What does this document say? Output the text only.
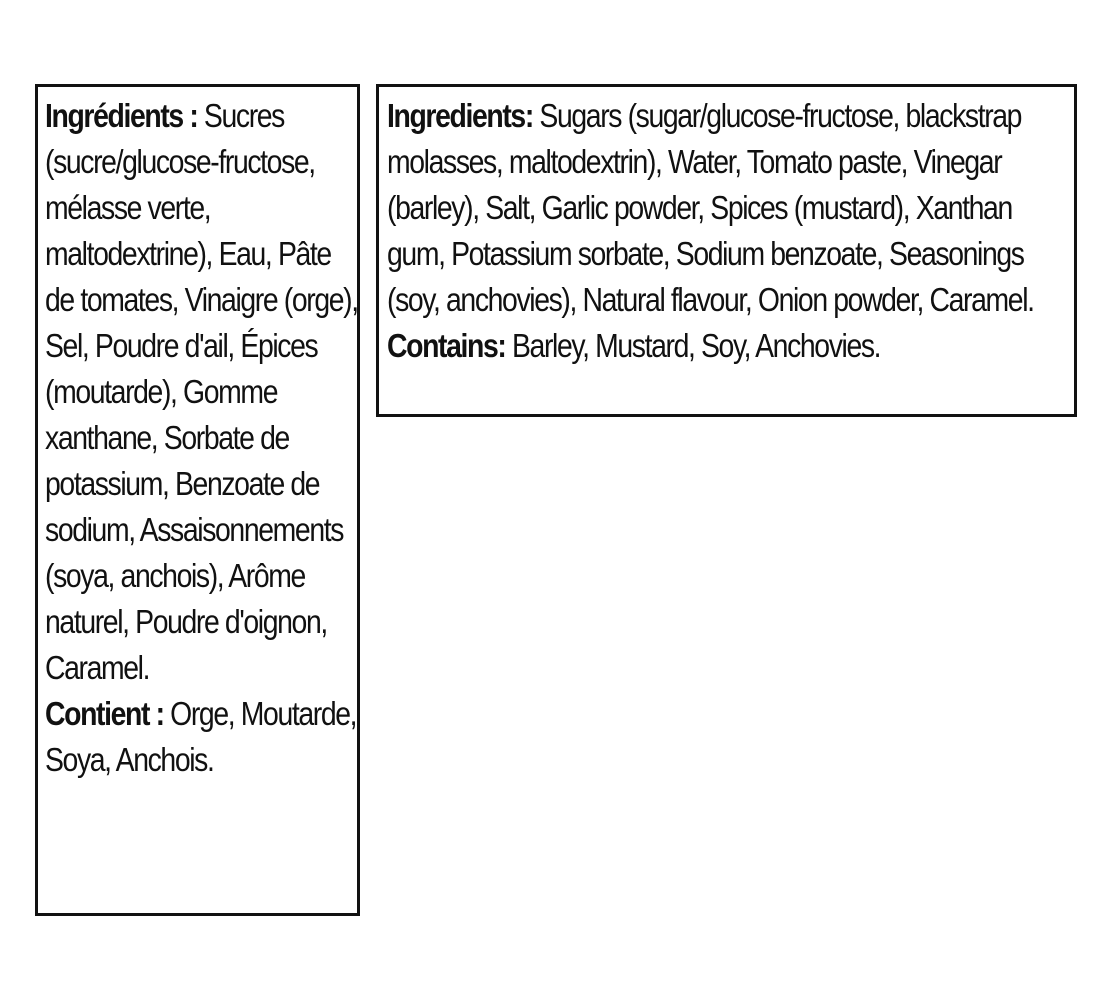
Ingrédients : Sucres (sucre/glucose-fructose, mélasse verte, maltodextrine), Eau, Pâte de tomates, Vinaigre (orge), Sel, Poudre d'ail, Épices (moutarde), Gomme xanthane, Sorbate de potassium, Benzoate de sodium, Assaisonnements (soya, anchois), Arôme naturel, Poudre d'oignon, Caramel.
Contient : Orge, Moutarde, Soya, Anchois.
Ingredients: Sugars (sugar/glucose-fructose, blackstrap molasses, maltodextrin), Water, Tomato paste, Vinegar (barley), Salt, Garlic powder, Spices (mustard), Xanthan gum, Potassium sorbate, Sodium benzoate, Seasonings (soy, anchovies), Natural flavour, Onion powder, Caramel.
Contains: Barley, Mustard, Soy, Anchovies.
